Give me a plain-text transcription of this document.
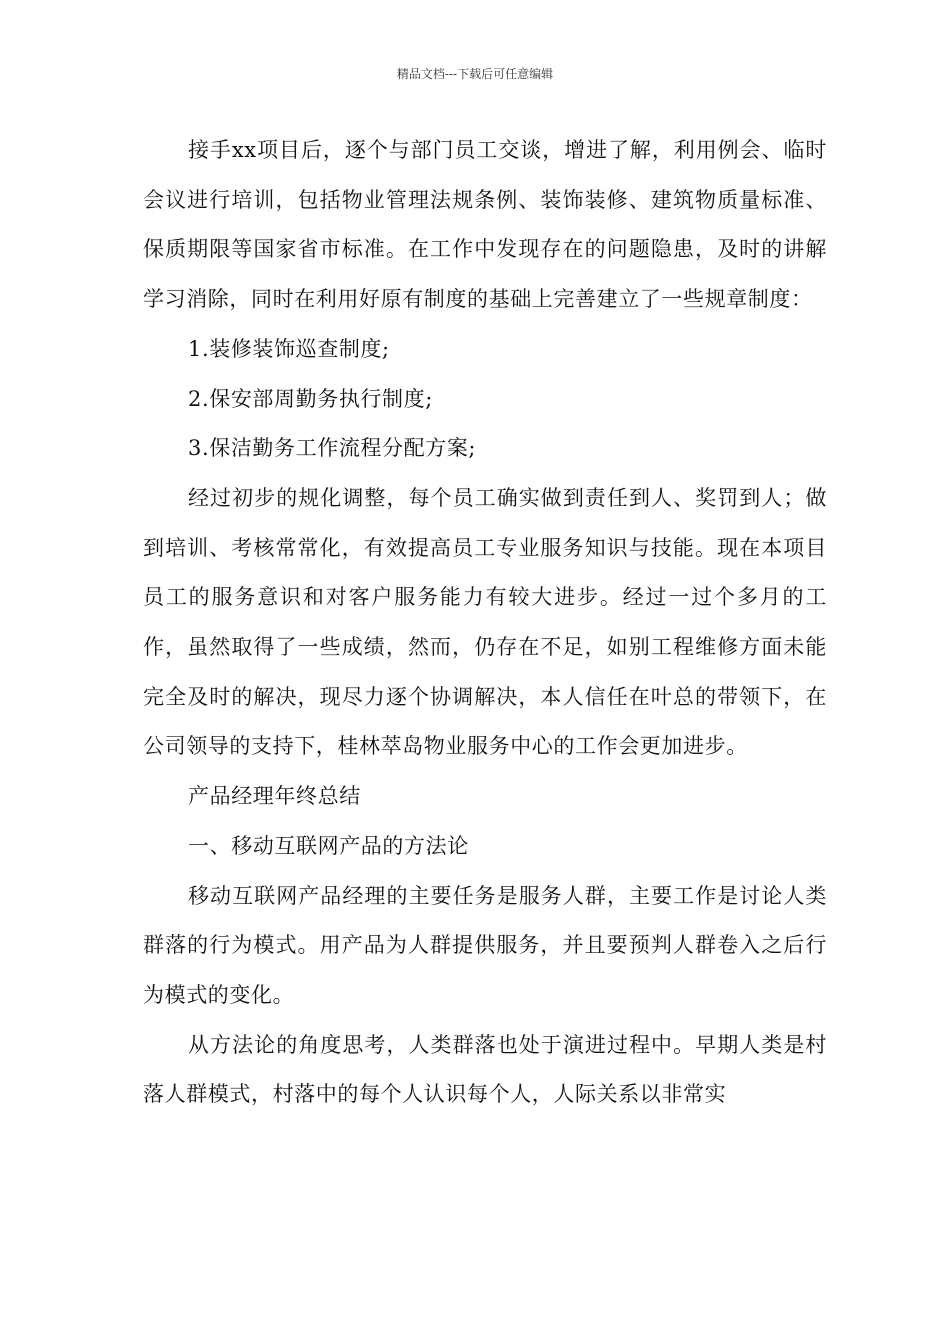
精品文档---下载后可任意编辑

接手xx项目后，逐个与部门员工交谈，增进了解，利用例会、临时会议进行培训，包括物业管理法规条例、装饰装修、建筑物质量标准、保质期限等国家省市标准。在工作中发现存在的问题隐患，及时的讲解学习消除，同时在利用好原有制度的基础上完善建立了一些规章制度：

1.装修装饰巡查制度;

2.保安部周勤务执行制度;

3.保洁勤务工作流程分配方案;

经过初步的规化调整，每个员工确实做到责任到人、奖罚到人；做到培训、考核常常化，有效提高员工专业服务知识与技能。现在本项目员工的服务意识和对客户服务能力有较大进步。经过一过个多月的工作，虽然取得了一些成绩，然而，仍存在不足，如别工程维修方面未能完全及时的解决，现尽力逐个协调解决，本人信任在叶总的带领下，在公司领导的支持下，桂林萃岛物业服务中心的工作会更加进步。

产品经理年终总结

一、移动互联网产品的方法论

移动互联网产品经理的主要任务是服务人群，主要工作是讨论人类群落的行为模式。用产品为人群提供服务，并且要预判人群卷入之后行为模式的变化。

从方法论的角度思考，人类群落也处于演进过程中。早期人类是村落人群模式，村落中的每个人认识每个人，人际关系以非常实
